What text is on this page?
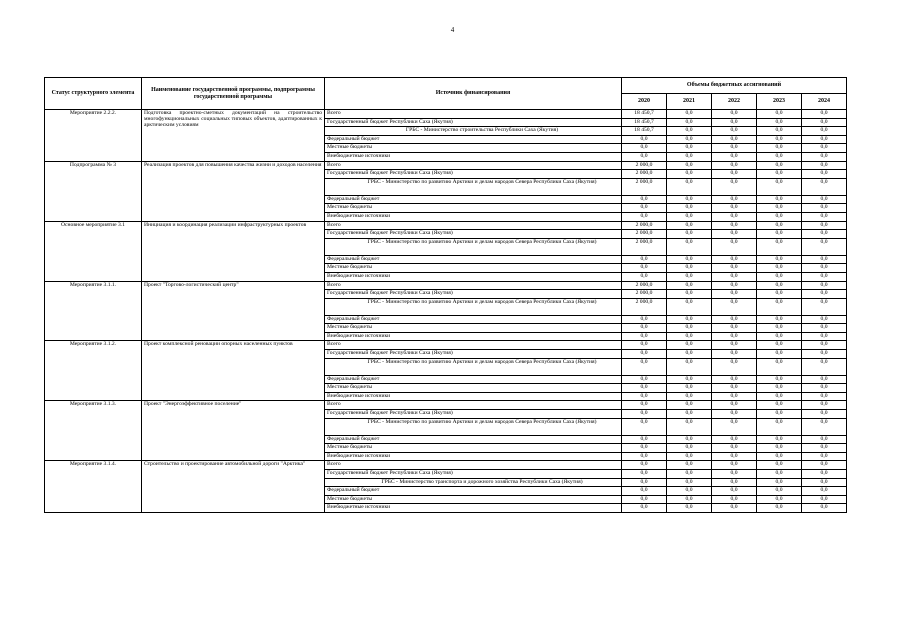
4
Статус структурного элемента	Наименование государственной программы, подпрограммы государственной программы	Источник финансирования	Объемы бюджетных ассигнований				
			2020	2021	2022	2023	2024
Мероприятие 2.2.2.	Подготовка проектно-сметных документаций на строительство многофункциональных социальных типовых объектов, адаптированных к арктическим условиям	Всего	18 450,7	0,0	0,0	0,0	0,0
		Государственный бюджет Республики Саха (Якутия)	18 450,7	0,0	0,0	0,0	0,0
		ГРБС - Министерство строительства Республики Саха (Якутия)	18 450,7	0,0	0,0	0,0	0,0
		Федеральный бюджет	0,0	0,0	0,0	0,0	0,0
		Местные бюджеты	0,0	0,0	0,0	0,0	0,0
		Внебюджетные источники	0,0	0,0	0,0	0,0	0,0
Подпрограмма № 3	Реализация проектов для повышения качества жизни и доходов населения	Всего	2 000,0	0,0	0,0	0,0	0,0
		Государственный бюджет Республики Саха (Якутия)	2 000,0	0,0	0,0	0,0	0,0
		ГРБС - Министерство по развитию Арктики и делам народов Севера Республики Саха (Якутия)	2 000,0	0,0	0,0	0,0	0,0
		Федеральный бюджет	0,0	0,0	0,0	0,0	0,0
		Местные бюджеты	0,0	0,0	0,0	0,0	0,0
		Внебюджетные источники	0,0	0,0	0,0	0,0	0,0
Основное мероприятие 3.1	Инициация и координация реализации инфраструктурных проектов	Всего	2 000,0	0,0	0,0	0,0	0,0
		Государственный бюджет Республики Саха (Якутия)	2 000,0	0,0	0,0	0,0	0,0
		ГРБС - Министерство по развитию Арктики и делам народов Севера Республики Саха (Якутия)	2 000,0	0,0	0,0	0,0	0,0
		Федеральный бюджет	0,0	0,0	0,0	0,0	0,0
		Местные бюджеты	0,0	0,0	0,0	0,0	0,0
		Внебюджетные источники	0,0	0,0	0,0	0,0	0,0
Мероприятие 3.1.1.	Проект "Торгово-логистический центр"	Всего	2 000,0	0,0	0,0	0,0	0,0
		Государственный бюджет Республики Саха (Якутия)	2 000,0	0,0	0,0	0,0	0,0
		ГРБС - Министерство по развитию Арктики и делам народов Севера Республики Саха (Якутия)	2 000,0	0,0	0,0	0,0	0,0
		Федеральный бюджет	0,0	0,0	0,0	0,0	0,0
		Местные бюджеты	0,0	0,0	0,0	0,0	0,0
		Внебюджетные источники	0,0	0,0	0,0	0,0	0,0
Мероприятие 3.1.2.	Проект комплексной реновации опорных населенных пунктов	Всего	0,0	0,0	0,0	0,0	0,0
		Государственный бюджет Республики Саха (Якутия)	0,0	0,0	0,0	0,0	0,0
		ГРБС - Министерство по развитию Арктики и делам народов Севера Республики Саха (Якутия)	0,0	0,0	0,0	0,0	0,0
		Федеральный бюджет	0,0	0,0	0,0	0,0	0,0
		Местные бюджеты	0,0	0,0	0,0	0,0	0,0
		Внебюджетные источники	0,0	0,0	0,0	0,0	0,0
Мероприятие 3.1.3.	Проект "Энергоэффективное поселение"	Всего	0,0	0,0	0,0	0,0	0,0
		Государственный бюджет Республики Саха (Якутия)	0,0	0,0	0,0	0,0	0,0
		ГРБС - Министерство по развитию Арктики и делам народов Севера Республики Саха (Якутия)	0,0	0,0	0,0	0,0	0,0
		Федеральный бюджет	0,0	0,0	0,0	0,0	0,0
		Местные бюджеты	0,0	0,0	0,0	0,0	0,0
		Внебюджетные источники	0,0	0,0	0,0	0,0	0,0
Мероприятие 3.1.4.	Строительство и проектирование автомобильной дороги "Арктика"	Всего	0,0	0,0	0,0	0,0	0,0
		Государственный бюджет Республики Саха (Якутия)	0,0	0,0	0,0	0,0	0,0
		ГРБС - Министерство транспорта и дорожного хозяйства Республики Саха (Якутия)	0,0	0,0	0,0	0,0	0,0
		Федеральный бюджет	0,0	0,0	0,0	0,0	0,0
		Местные бюджеты	0,0	0,0	0,0	0,0	0,0
		Внебюджетные источники	0,0	0,0	0,0	0,0	0,0
